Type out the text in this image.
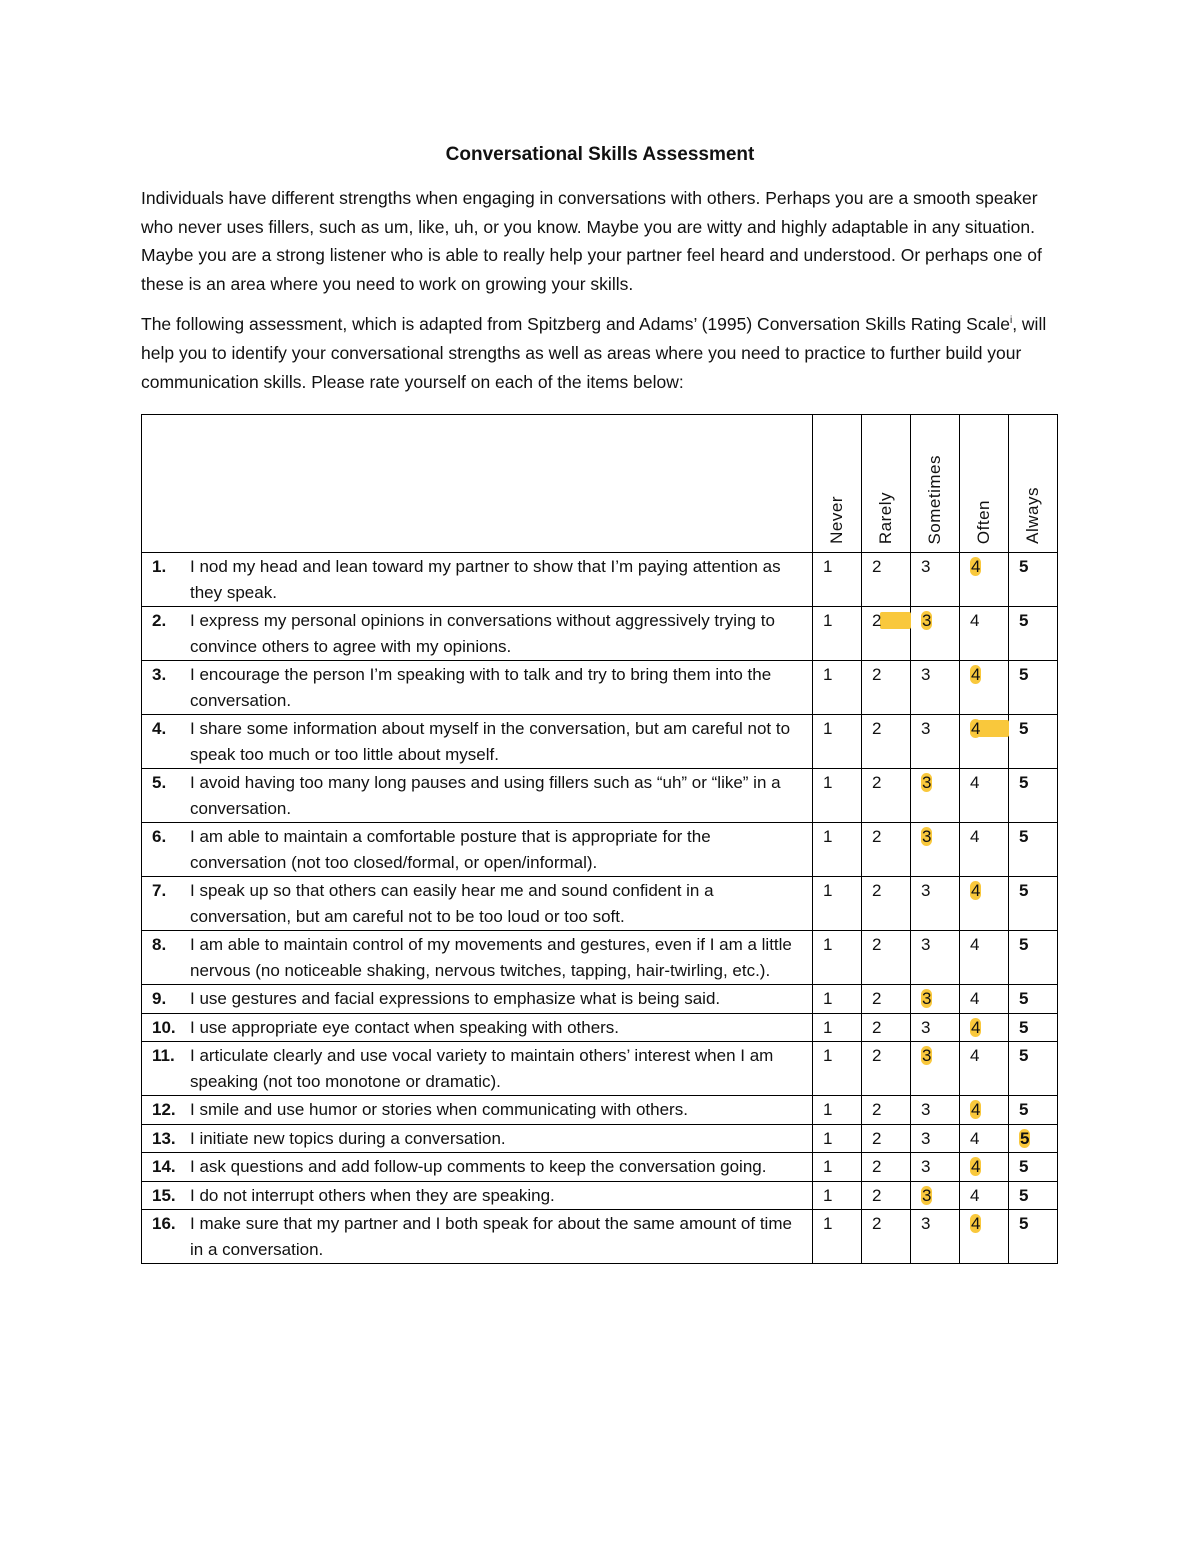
Conversational Skills Assessment

Individuals have different strengths when engaging in conversations with others. Perhaps you are a smooth speaker who never uses fillers, such as um, like, uh, or you know. Maybe you are witty and highly adaptable in any situation. Maybe you are a strong listener who is able to really help your partner feel heard and understood. Or perhaps one of these is an area where you need to work on growing your skills.

The following assessment, which is adapted from Spitzberg and Adams’ (1995) Conversation Skills Rating Scale$^i$, will help you to identify your conversational strengths as well as areas where you need to practice to further build your communication skills. Please rate yourself on each of the items below:

	Never	Rarely	Sometimes	Often	Always

1. I nod my head and lean toward my partner to show that I’m paying attention as they speak.	1	2	3	4	5

2. I express my personal opinions in conversations without aggressively trying to convince others to agree with my opinions.	1	2	3	4	5

3. I encourage the person I’m speaking with to talk and try to bring them into the conversation.	1	2	3	4	5

4. I share some information about myself in the conversation, but am careful not to speak too much or too little about myself.	1	2	3	4	5

5. I avoid having too many long pauses and using fillers such as “uh” or “like” in a conversation.	1	2	3	4	5

6. I am able to maintain a comfortable posture that is appropriate for the conversation (not too closed/formal, or open/informal).	1	2	3	4	5

7. I speak up so that others can easily hear me and sound confident in a conversation, but am careful not to be too loud or too soft.	1	2	3	4	5

8. I am able to maintain control of my movements and gestures, even if I am a little nervous (no noticeable shaking, nervous twitches, tapping, hair-twirling, etc.).	1	2	3	4	5

9. I use gestures and facial expressions to emphasize what is being said.	1	2	3	4	5

10. I use appropriate eye contact when speaking with others.	1	2	3	4	5

11. I articulate clearly and use vocal variety to maintain others’ interest when I am speaking (not too monotone or dramatic).	1	2	3	4	5

12. I smile and use humor or stories when communicating with others.	1	2	3	4	5

13. I initiate new topics during a conversation.	1	2	3	4	5

14. I ask questions and add follow-up comments to keep the conversation going.	1	2	3	4	5

15. I do not interrupt others when they are speaking.	1	2	3	4	5

16. I make sure that my partner and I both speak for about the same amount of time in a conversation.	1	2	3	4	5
